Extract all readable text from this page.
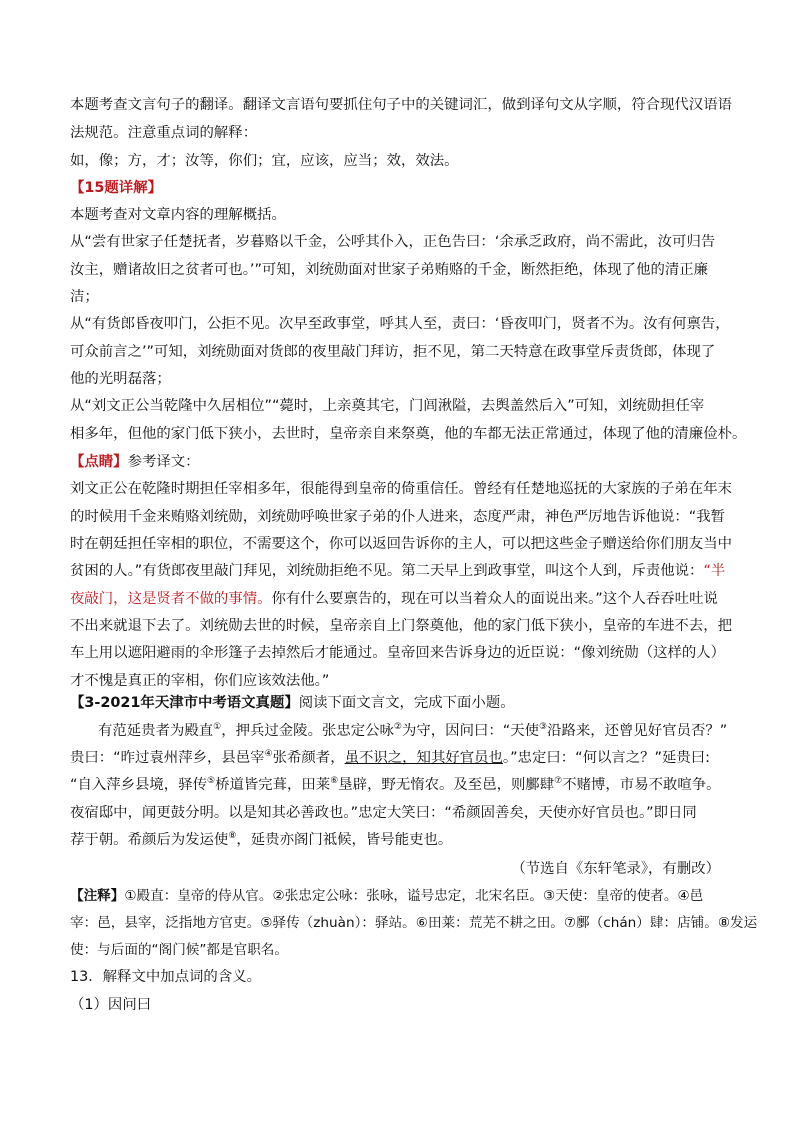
本题考查文言句子的翻译。翻译文言语句要抓住句子中的关键词汇，做到译句文从字顺，符合现代汉语语
法规范。注意重点词的解释：
如，像；方，才；汝等，你们；宜，应该，应当；效，效法。
【15题详解】
本题考查对文章内容的理解概括。
从“尝有世家子任楚抚者，岁暮赂以千金，公呼其仆入，正色告曰：‘余承乏政府，尚不需此，汝可归告
汝主，赠诸故旧之贫者可也。’”可知，刘统勋面对世家子弟贿赂的千金，断然拒绝，体现了他的清正廉
洁；
从“有货郎昏夜叩门，公拒不见。次早至政事堂，呼其人至，责曰：‘昏夜叩门，贤者不为。汝有何禀告，
可众前言之’”可知，刘统勋面对货郎的夜里敲门拜访，拒不见，第二天特意在政事堂斥责货郎，体现了
他的光明磊落；
从“刘文正公当乾隆中久居相位”“薨时，上亲奠其宅，门闾湫隘，去舆盖然后入”可知，刘统勋担任宰
相多年，但他的家门低下狭小，去世时，皇帝亲自来祭奠，他的车都无法正常通过，体现了他的清廉俭朴。
【点睛】参考译文：
刘文正公在乾隆时期担任宰相多年，很能得到皇帝的倚重信任。曾经有任楚地巡抚的大家族的子弟在年末
的时候用千金来贿赂刘统勋，刘统勋呼唤世家子弟的仆人进来，态度严肃，神色严厉地告诉他说：“我暂
时在朝廷担任宰相的职位，不需要这个，你可以返回告诉你的主人，可以把这些金子赠送给你们朋友当中
贫困的人。”有货郎夜里敲门拜见，刘统勋拒绝不见。第二天早上到政事堂，叫这个人到，斥责他说：“半
夜敲门，这是贤者不做的事情。你有什么要禀告的，现在可以当着众人的面说出来。”这个人吞吞吐吐说
不出来就退下去了。刘统勋去世的时候，皇帝亲自上门祭奠他，他的家门低下狭小，皇帝的车进不去，把
车上用以遮阳避雨的伞形篷子去掉然后才能通过。皇帝回来告诉身边的近臣说：“像刘统勋（这样的人）
才不愧是真正的宰相，你们应该效法他。”
【3-2021年天津市中考语文真题】阅读下面文言文，完成下面小题。
有范延贵者为殿直①，押兵过金陵。张忠定公咏②为守，因问曰：“天使③沿路来，还曾见好官员否？”
贵曰：“昨过袁州萍乡，县邑宰④张希颜者，虽不识之，知其好官员也。”忠定曰：“何以言之？”延贵曰:
“自入萍乡县境，驿传⑤桥道皆完葺，田莱⑥垦辟，野无惰农。及至邑，则鄽肆⑦不赌博，市易不敢喧争。
夜宿邸中，闻更鼓分明。以是知其必善政也。”忠定大笑曰：“希颜固善矣，天使亦好官员也。”即日同
荐于朝。希颜后为发运使⑧，延贵亦阁门祗候，皆号能吏也。
（节选自《东轩笔录》，有删改）
【注释】①殿直：皇帝的侍从官。②张忠定公咏：张咏，谥号忠定，北宋名臣。③天使：皇帝的使者。④邑
宰：邑，县宰，泛指地方官吏。⑤驿传（zhuàn）：驿站。⑥田莱：荒芜不耕之田。⑦鄽（chán）肆：店铺。⑧发运
使：与后面的“阁门候”都是官职名。
13．解释文中加点词的含义。
（1）因问曰
